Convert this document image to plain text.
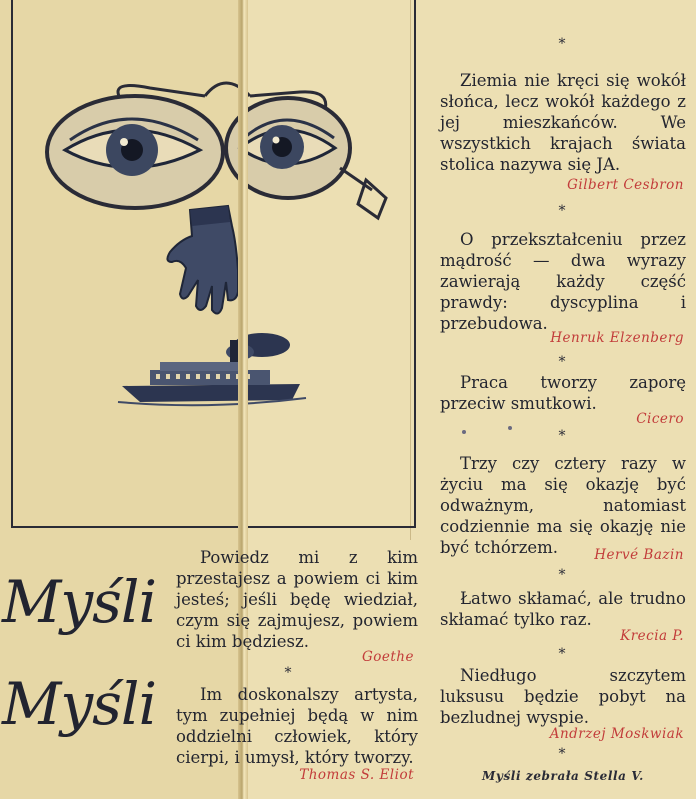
Myśli
Myśli
*

Ziemia nie kręci się wokół słońca, lecz wokół każdego z jej mieszkańców. We wszystkich krajach świata stolica nazywa się JA.

Gilbert Cesbron
*

O przekształceniu przez mądrość — dwa wyrazy zawierają każdy część prawdy: dyscyplina i przebudowa.

Henruk Elzenberg
*

Praca tworzy zaporę przeciw smutkowi.

Cicero
*

Trzy czy cztery razy w życiu ma się okazję być odważnym, natomiast codziennie ma się okazję nie być tchórzem.	Hervé Bazin
*

Łatwo skłamać, ale trudno skłamać tylko raz.

Krecia P.
*

Niedługo szczytem luksusu będzie pobyt na bezludnej wyspie.

Andrzej Moskwiak
*
Myśli zebrała Stella V.

Powiedz mi z kim przestajesz a powiem ci kim jesteś; jeśli będę wiedział, czym się zajmujesz, powiem ci kim będziesz.

Goethe
*

Im doskonalszy artysta, tym zupełniej będą w nim oddzielni człowiek, który cierpi, i umysł, który tworzy.

Thomas S. Eliot
